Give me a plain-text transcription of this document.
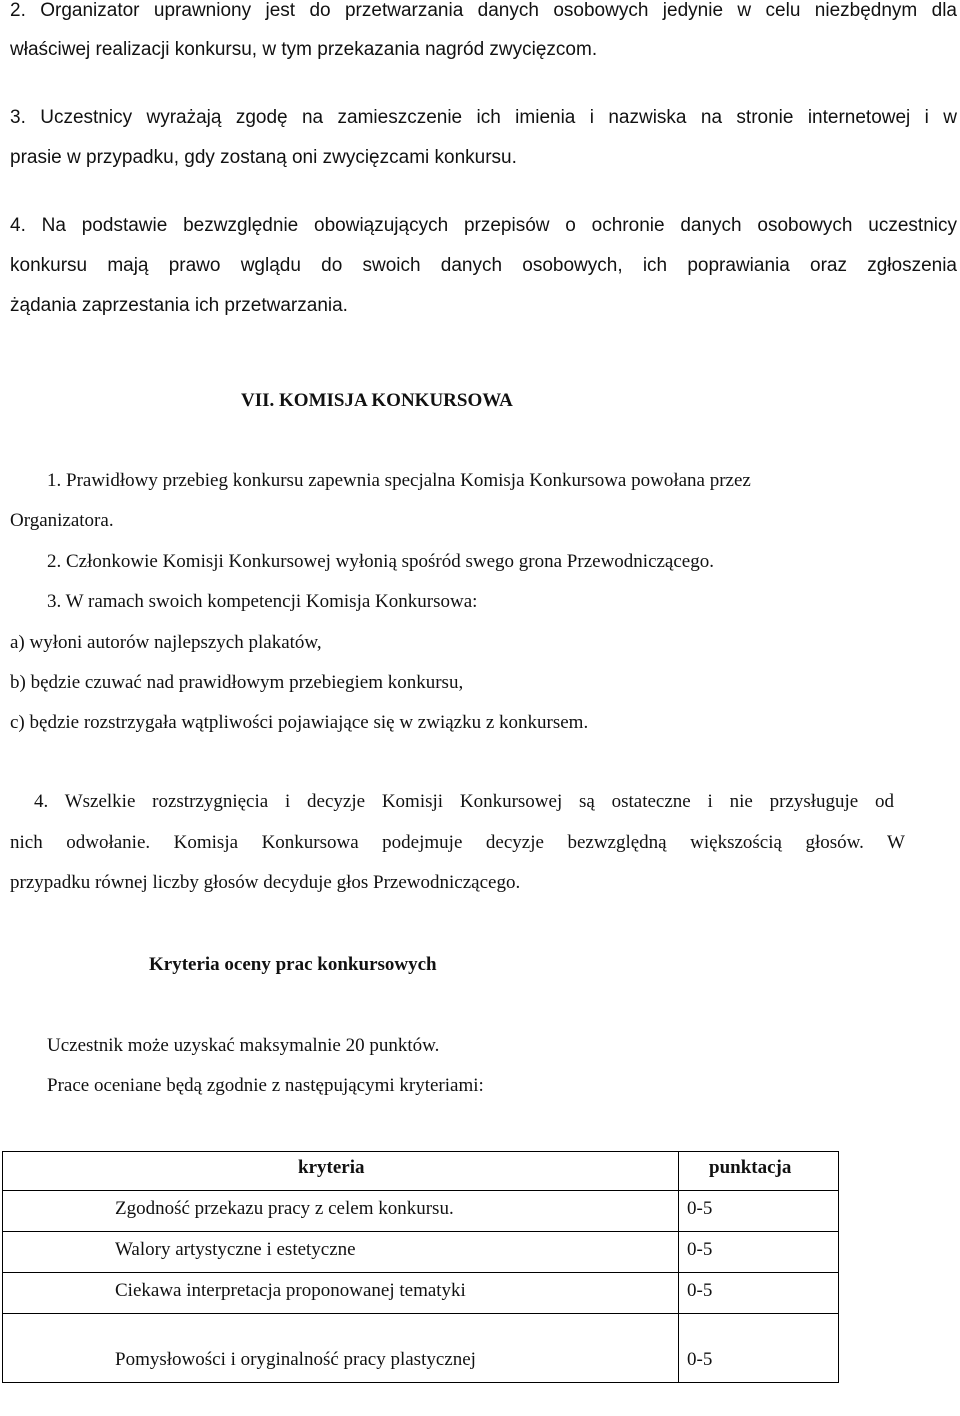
2. Organizator uprawniony jest do przetwarzania danych osobowych jedynie w celu niezbędnym dla
właściwej realizacji konkursu, w tym przekazania nagród zwycięzcom.
3. Uczestnicy wyrażają zgodę na zamieszczenie ich imienia i nazwiska na stronie internetowej i w
prasie w przypadku, gdy zostaną oni zwycięzcami konkursu.
4. Na podstawie bezwzględnie obowiązujących przepisów o ochronie danych osobowych uczestnicy
konkursu mają prawo wglądu do swoich danych osobowych, ich poprawiania oraz zgłoszenia
żądania zaprzestania ich przetwarzania.
VII. KOMISJA KONKURSOWA
1. Prawidłowy przebieg konkursu zapewnia specjalna Komisja Konkursowa powołana przez
Organizatora.
2. Członkowie Komisji Konkursowej wyłonią spośród swego grona Przewodniczącego.
3. W ramach swoich kompetencji Komisja Konkursowa:
a) wyłoni autorów najlepszych plakatów,
b) będzie czuwać nad prawidłowym przebiegiem konkursu,
c) będzie rozstrzygała wątpliwości pojawiające się w związku z konkursem.
4. Wszelkie rozstrzygnięcia i decyzje Komisji Konkursowej są ostateczne i nie przysługuje od
nich odwołanie. Komisja Konkursowa podejmuje decyzje bezwzględną większością głosów. W
przypadku równej liczby głosów decyduje głos Przewodniczącego.
Kryteria oceny prac konkursowych
Uczestnik może uzyskać maksymalnie 20 punktów.
Prace oceniane będą zgodnie z następującymi kryteriami:
kryteria	punktacja

Zgodność przekazu pracy z celem konkursu.	0-5

Walory artystyczne i estetyczne	0-5

Ciekawa interpretacja proponowanej tematyki	0-5

Pomysłowości i oryginalność pracy plastycznej	0-5
